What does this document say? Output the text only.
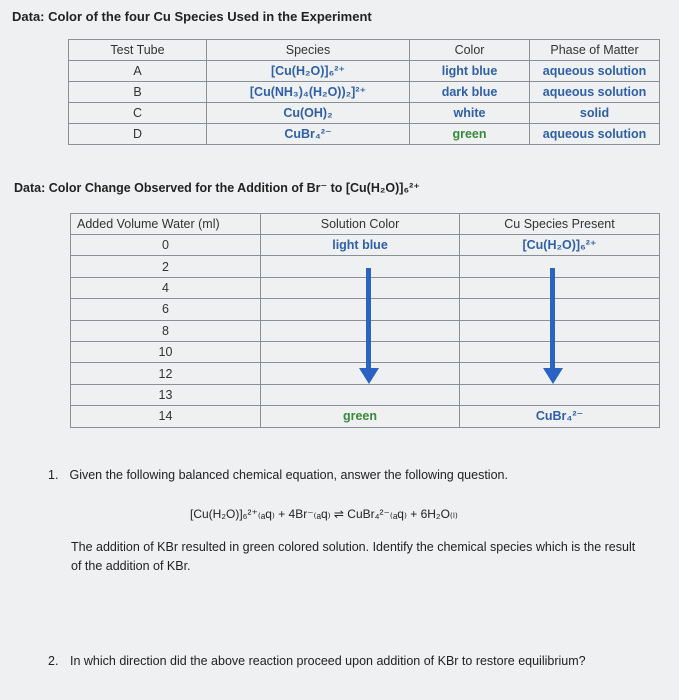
Data: Color of the four Cu Species Used in the Experiment
Test Tube	Species	Color	Phase of Matter
A	[Cu(H₂O)]₆²⁺	light blue	aqueous solution
B	[Cu(NH₃)₄(H₂O))₂]²⁺	dark blue	aqueous solution
C	Cu(OH)₂	white	solid
D	CuBr₄²⁻	green	aqueous solution
Data: Color Change Observed for the Addition of Br⁻ to [Cu(H₂O)]₆²⁺
Added Volume Water (ml)	Solution Color	Cu Species Present
0	light blue	[Cu(H₂O)]₆²⁺
2		
4		
6		
8		
10		
12		
13		
14	green	CuBr₄²⁻
1. Given the following balanced chemical equation, answer the following question.
[Cu(H₂O)]₆²⁺₍ₐq₎ + 4Br⁻₍ₐq₎ ⇌ CuBr₄²⁻₍ₐq₎ + 6H₂O₍ₗ₎
The addition of KBr resulted in green colored solution. Identify the chemical species which is the result of the addition of KBr.
2. In which direction did the above reaction proceed upon addition of KBr to restore equilibrium?
